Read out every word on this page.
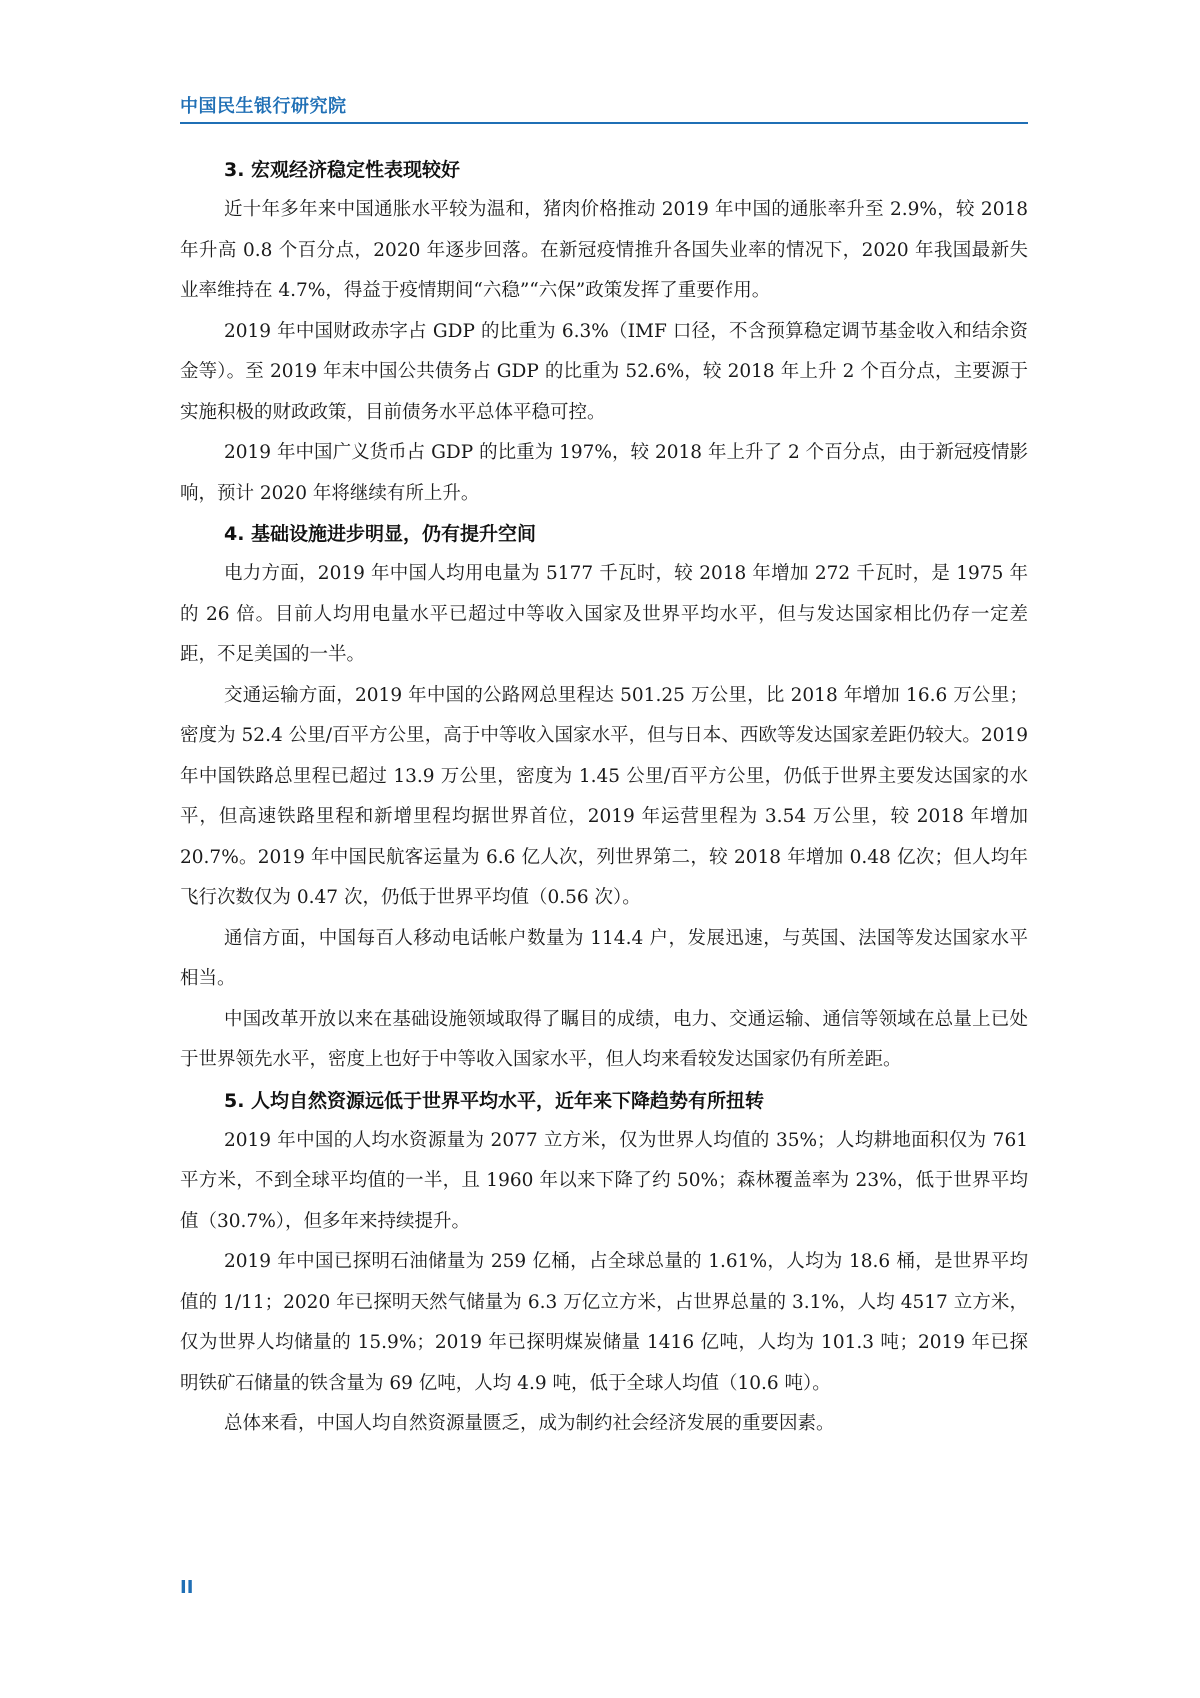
中国民生银行研究院
3. 宏观经济稳定性表现较好

近十年多年来中国通胀水平较为温和，猪肉价格推动 2019 年中国的通胀率升至 2.9%，较 2018 年升高 0.8 个百分点，2020 年逐步回落。在新冠疫情推升各国失业率的情况下，2020 年我国最新失业率维持在 4.7%，得益于疫情期间“六稳”“六保”政策发挥了重要作用。

2019 年中国财政赤字占 GDP 的比重为 6.3%（IMF 口径，不含预算稳定调节基金收入和结余资金等）。至 2019 年末中国公共债务占 GDP 的比重为 52.6%，较 2018 年上升 2 个百分点，主要源于实施积极的财政政策，目前债务水平总体平稳可控。

2019 年中国广义货币占 GDP 的比重为 197%，较 2018 年上升了 2 个百分点，由于新冠疫情影响，预计 2020 年将继续有所上升。

4. 基础设施进步明显，仍有提升空间

电力方面，2019 年中国人均用电量为 5177 千瓦时，较 2018 年增加 272 千瓦时，是 1975 年的 26 倍。目前人均用电量水平已超过中等收入国家及世界平均水平，但与发达国家相比仍存一定差距，不足美国的一半。

交通运输方面，2019 年中国的公路网总里程达 501.25 万公里，比 2018 年增加 16.6 万公里；密度为 52.4 公里/百平方公里，高于中等收入国家水平，但与日本、西欧等发达国家差距仍较大。2019 年中国铁路总里程已超过 13.9 万公里，密度为 1.45 公里/百平方公里，仍低于世界主要发达国家的水平，但高速铁路里程和新增里程均据世界首位，2019 年运营里程为 3.54 万公里，较 2018 年增加 20.7%。2019 年中国民航客运量为 6.6 亿人次，列世界第二，较 2018 年增加 0.48 亿次；但人均年飞行次数仅为 0.47 次，仍低于世界平均值（0.56 次）。

通信方面，中国每百人移动电话帐户数量为 114.4 户，发展迅速，与英国、法国等发达国家水平相当。

中国改革开放以来在基础设施领域取得了瞩目的成绩，电力、交通运输、通信等领域在总量上已处于世界领先水平，密度上也好于中等收入国家水平，但人均来看较发达国家仍有所差距。

5. 人均自然资源远低于世界平均水平，近年来下降趋势有所扭转

2019 年中国的人均水资源量为 2077 立方米，仅为世界人均值的 35%；人均耕地面积仅为 761 平方米，不到全球平均值的一半，且 1960 年以来下降了约 50%；森林覆盖率为 23%，低于世界平均值（30.7%），但多年来持续提升。

2019 年中国已探明石油储量为 259 亿桶，占全球总量的 1.61%，人均为 18.6 桶，是世界平均值的 1/11；2020 年已探明天然气储量为 6.3 万亿立方米，占世界总量的 3.1%，人均 4517 立方米，仅为世界人均储量的 15.9%；2019 年已探明煤炭储量 1416 亿吨，人均为 101.3 吨；2019 年已探明铁矿石储量的铁含量为 69 亿吨，人均 4.9 吨，低于全球人均值（10.6 吨）。

总体来看，中国人均自然资源量匮乏，成为制约社会经济发展的重要因素。

II
